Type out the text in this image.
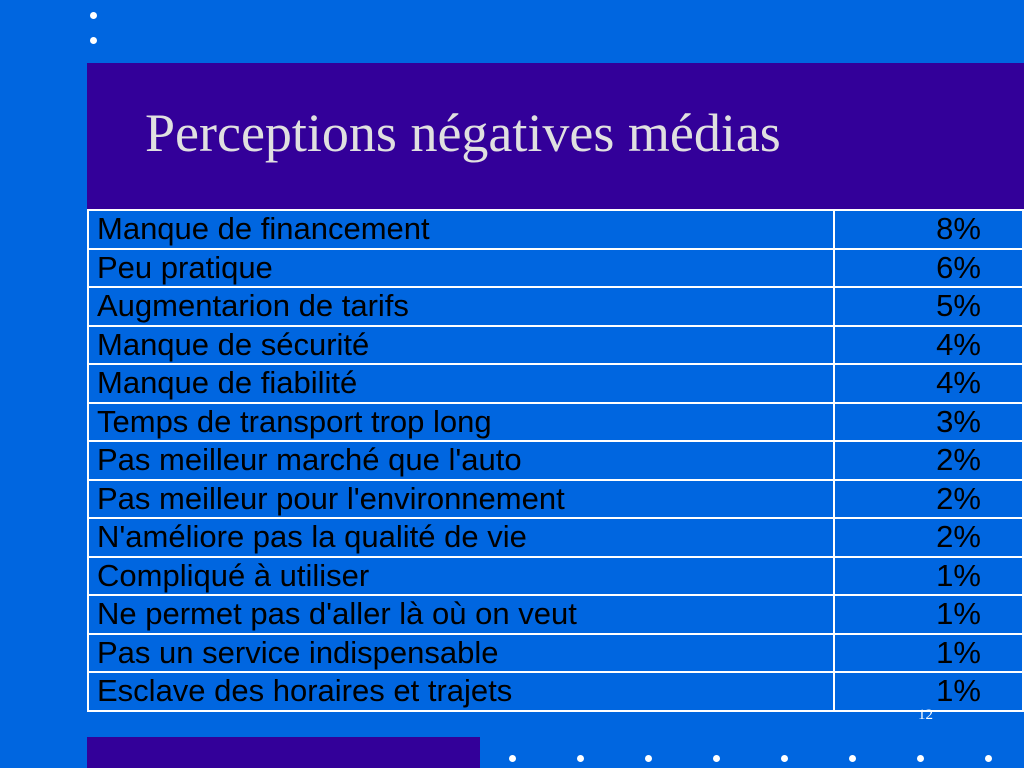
Perceptions négatives médias
Manque de financement	8%
Peu pratique	6%
Augmentarion de tarifs	5%
Manque de sécurité	4%
Manque de fiabilité	4%
Temps de transport trop long	3%
Pas meilleur marché que l'auto	2%
Pas meilleur pour l'environnement	2%
N'améliore pas la qualité de vie	2%
Compliqué à utiliser	1%
Ne permet pas d'aller là où on veut	1%
Pas un service indispensable	1%
Esclave des horaires et trajets	1%
12
